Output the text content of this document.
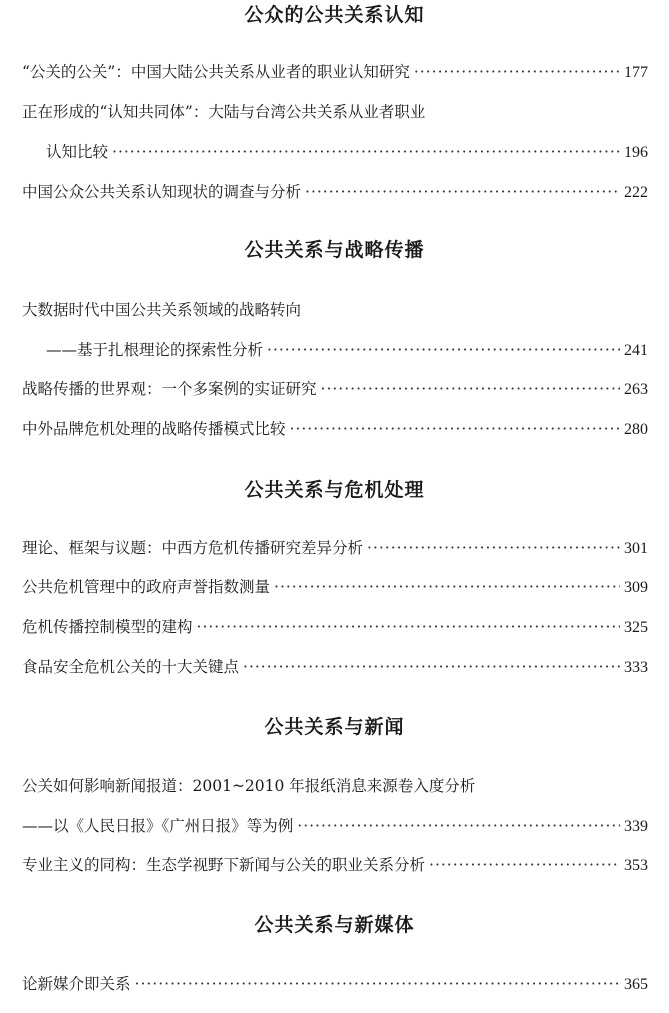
公众的公共关系认知
“公关的公关”：中国大陆公共关系从业者的职业认知研究 ·····	177
正在形成的“认知共同体”：大陆与台湾公共关系从业者职业
认知比较 ·····	196
中国公众公共关系认知现状的调查与分析 ·····	222
公共关系与战略传播
大数据时代中国公共关系领域的战略转向
——基于扎根理论的探索性分析 ·····	241
战略传播的世界观：一个多案例的实证研究 ·····	263
中外品牌危机处理的战略传播模式比较 ·····	280
公共关系与危机处理
理论、框架与议题：中西方危机传播研究差异分析 ·····	301
公共危机管理中的政府声誉指数测量 ·····	309
危机传播控制模型的建构 ·····	325
食品安全危机公关的十大关键点 ·····	333
公共关系与新闻
公关如何影响新闻报道：2001~2010 年报纸消息来源卷入度分析
——以《人民日报》《广州日报》等为例 ·····	339
专业主义的同构：生态学视野下新闻与公关的职业关系分析 ·····	353
公共关系与新媒体
论新媒介即关系 ·····	365
